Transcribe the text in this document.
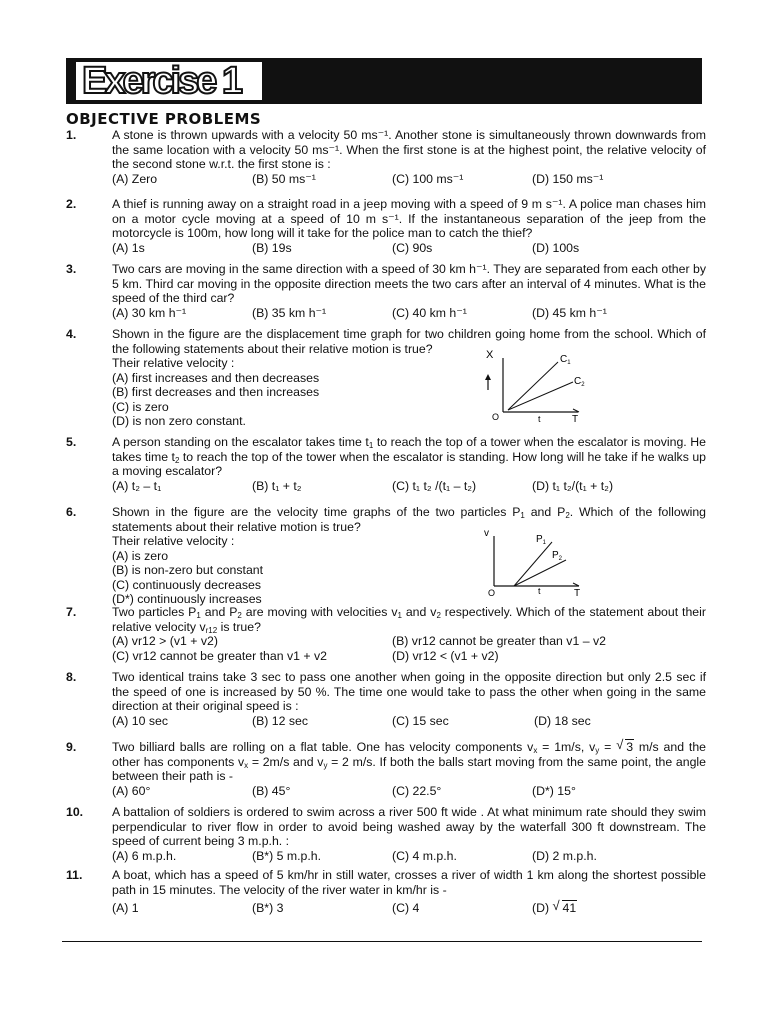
Exercise 1
OBJECTIVE PROBLEMS
1.	A stone is thrown upwards with a velocity 50 ms⁻¹. Another stone is simultaneously thrown downwards from the same location with a velocity 50 ms⁻¹. When the first stone is at the highest point, the relative velocity of the second stone w.r.t. the first stone is :
(A) Zero	(B) 50 ms⁻¹	(C) 100 ms⁻¹	(D) 150 ms⁻¹
2.	A thief is running away on a straight road in a jeep moving with a speed of 9 m s⁻¹. A police man chases him on a motor cycle moving at a speed of 10 m s⁻¹. If the instantaneous separation of the jeep from the motorcycle is 100m, how long will it take for the police man to catch the thief?
(A) 1s	(B) 19s	(C) 90s	(D) 100s
3.	Two cars are moving in the same direction with a speed of 30 km h⁻¹. They are separated from each other by 5 km. Third car moving in the opposite direction meets the two cars after an interval of 4 minutes. What is the speed of the third car?
(A) 30 km h⁻¹	(B) 35 km h⁻¹	(C) 40 km h⁻¹	(D) 45 km h⁻¹
4.	Shown in the figure are the displacement time graph for two children going home from the school. Which of the following statements about their relative motion is true?
Their relative velocity :
(A) first increases and then decreases
(B) first decreases and then increases
(C) is zero
(D) is non zero constant.
X
O	t	T
$C_1$
$C_2$
5.	A person standing on the escalator takes time $t_1$ to reach the top of a tower when the escalator is moving. He takes time $t_2$ to reach the top of the tower when the escalator is standing. How long will he take if he walks up a moving escalator?
(A) t₂ – t₁	(B) t₁ + t₂	(C) t₁ t₂ /(t₁ – t₂)	(D) t₁ t₂/(t₁ + t₂)
6.	Shown in the figure are the velocity time graphs of the two particles $P_1$ and $P_2$. Which of the following statements about their relative motion is true?
Their relative velocity :
(A) is zero
(B) is non-zero but constant
(C) continuously decreases
(D*) continuously increases
v
O	t	T
$P_1$
$P_2$
7.	Two particles $P_1$ and $P_2$ are moving with velocities $v_1$ and $v_2$ respectively. Which of the statement about their relative velocity $v_{r12}$ is true?
(A) vr12 > (v1 + v2)	(B) vr12 cannot be greater than v1 – v2
(C) vr12 cannot be greater than v1 + v2	(D) vr12 < (v1 + v2)
8.	Two identical trains take 3 sec to pass one another when going in the opposite direction but only 2.5 sec if the speed of one is increased by 50 %. The time one would take to pass the other when going in the same direction at their original speed is :
(A) 10 sec	(B) 12 sec	(C) 15 sec	(D) 18 sec
9.	Two billiard balls are rolling on a flat table. One has velocity components $v_x = 1m/s$, $v_y$ = √ 3 m/s and the other has components $v_x = 2m/s$ and $v_y = 2$ m/s. If both the balls start moving from the same point, the angle between their path is -
(A) 60°	(B) 45°	(C) 22.5°	(D*) 15°
10. A battalion of soldiers is ordered to swim across a river 500 ft wide . At what minimum rate should they swim perpendicular to river flow in order to avoid being washed away by the waterfall 300 ft downstream. The speed of current being 3 m.p.h. :
(A) 6 m.p.h.	(B*) 5 m.p.h.	(C) 4 m.p.h.	(D) 2 m.p.h.
11. A boat, which has a speed of 5 km/hr in still water, crosses a river of width 1 km along the shortest possible path in 15 minutes. The velocity of the river water in km/hr is -
(A) 1	(B*) 3	(C) 4	(D) √ 41
